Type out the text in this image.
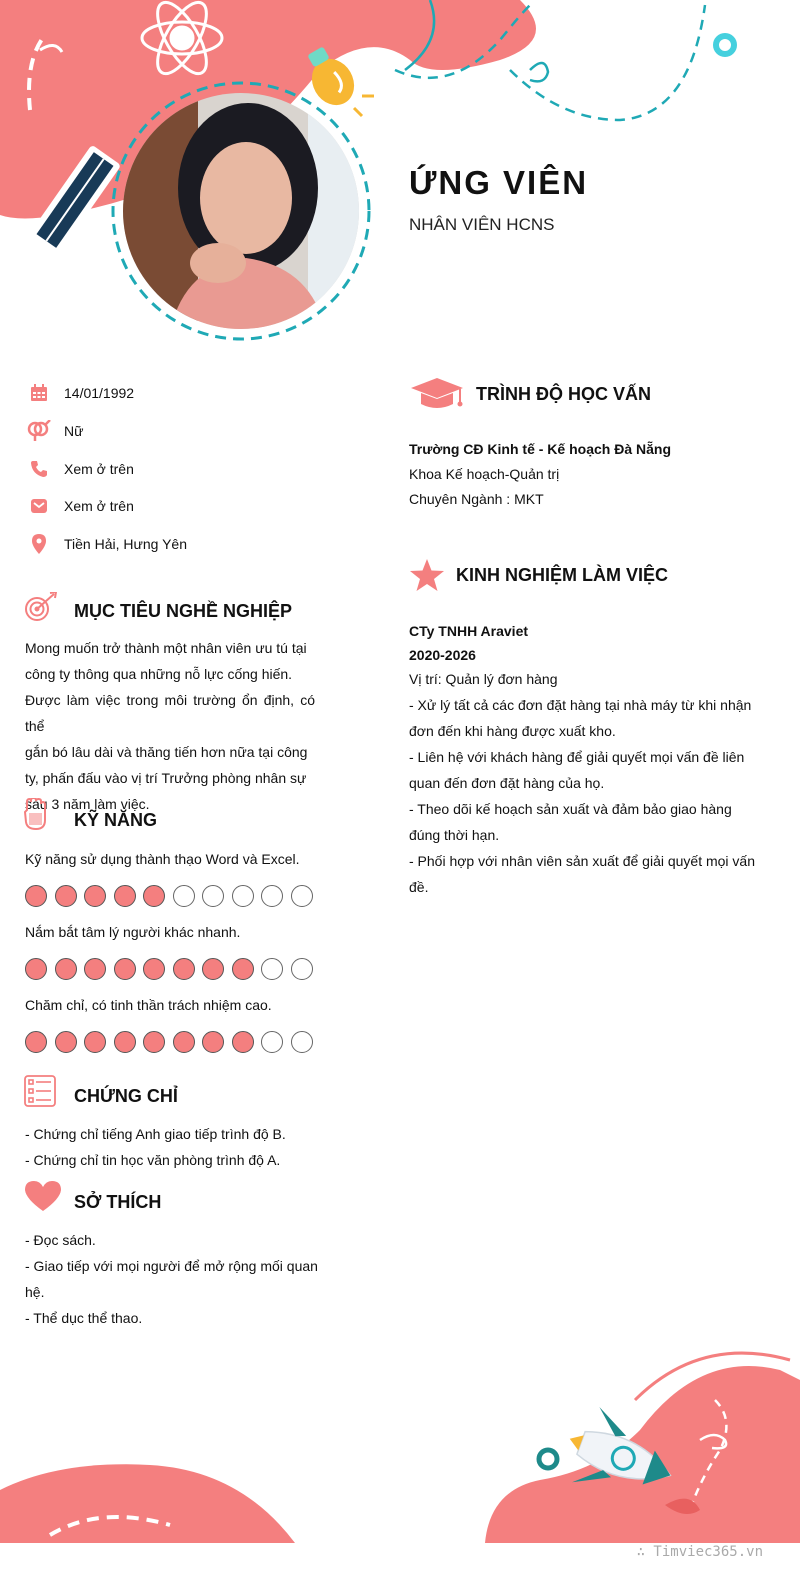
ỨNG VIÊN
NHÂN VIÊN HCNS
14/01/1992
Nữ
Xem ở trên
Xem ở trên
Tiền Hải, Hưng Yên
MỤC TIÊU NGHỀ NGHIỆP
Mong muốn trở thành một nhân viên ưu tú tại
công ty thông qua những nỗ lực cống hiến.
Được làm việc trong môi trường ổn định, có thể
gắn bó lâu dài và thăng tiến hơn nữa tại công
ty, phấn đấu vào vị trí Trưởng phòng nhân sự
sau 3 năm làm việc.
KỸ NĂNG
Kỹ năng sử dụng thành thạo Word và Excel.
Nắm bắt tâm lý người khác nhanh.
Chăm chỉ, có tinh thần trách nhiệm cao.
CHỨNG CHỈ
- Chứng chỉ tiếng Anh giao tiếp trình độ B.
- Chứng chỉ tin học văn phòng trình độ A.
SỞ THÍCH
- Đọc sách.
- Giao tiếp với mọi người để mở rộng mối quan
hệ.
- Thể dục thể thao.
TRÌNH ĐỘ HỌC VẤN
Trường CĐ Kinh tế - Kế hoạch Đà Nẵng
Khoa Kế hoạch-Quản trị
Chuyên Ngành : MKT
KINH NGHIỆM LÀM VIỆC
CTy TNHH Araviet
2020-2026
Vị trí: Quản lý đơn hàng
- Xử lý tất cả các đơn đặt hàng tại nhà máy từ khi nhận
đơn đến khi hàng được xuất kho.
- Liên hệ với khách hàng để giải quyết mọi vấn đề liên
quan đến đơn đặt hàng của họ.
- Theo dõi kế hoạch sản xuất và đảm bảo giao hàng
đúng thời hạn.
- Phối hợp với nhân viên sản xuất để giải quyết mọi vấn
đề.
∴ Timviec365.vn
